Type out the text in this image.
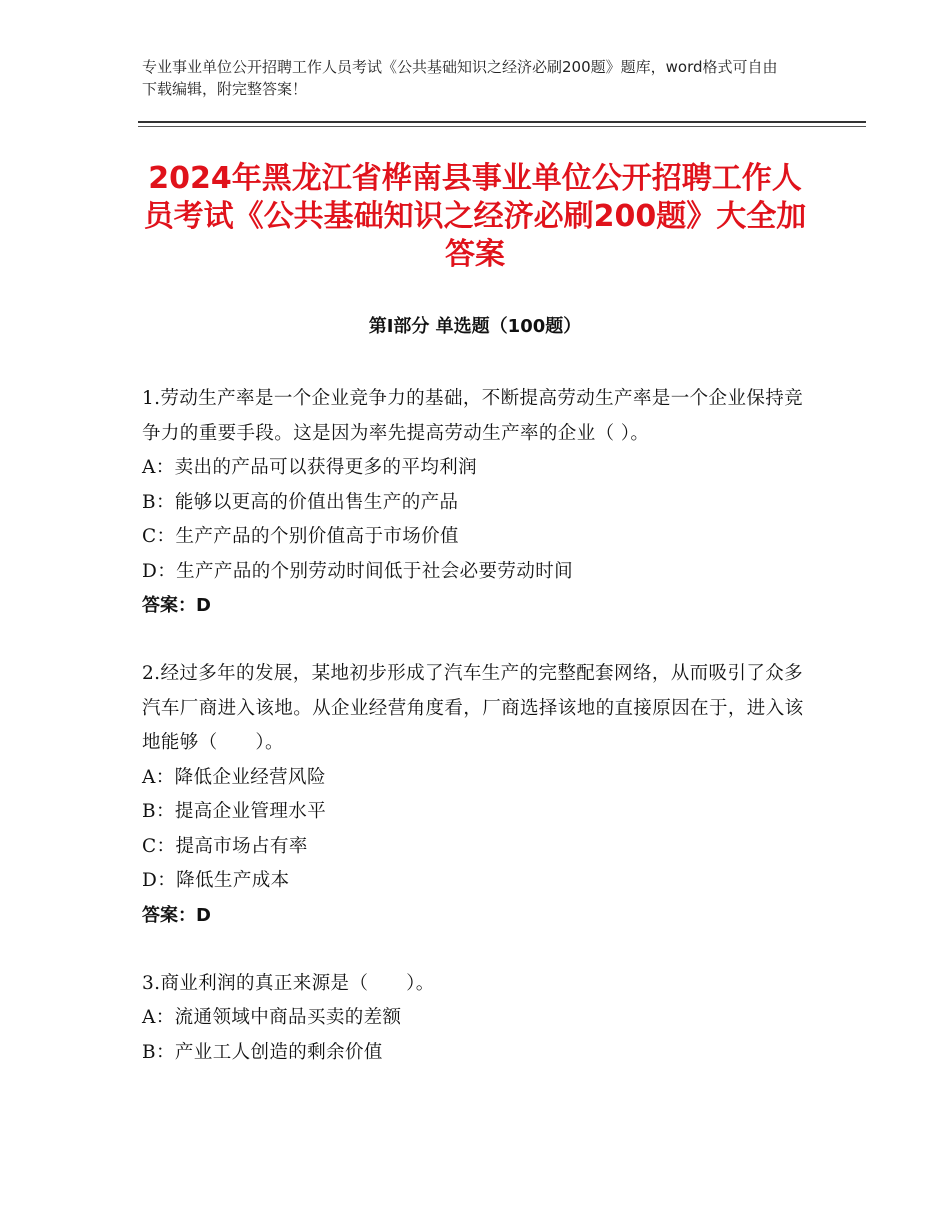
专业事业单位公开招聘工作人员考试《公共基础知识之经济必刷200题》题库，word格式可自由下载编辑，附完整答案！
2024年黑龙江省桦南县事业单位公开招聘工作人员考试《公共基础知识之经济必刷200题》大全加答案
第Ⅰ部分 单选题（100题）

1.劳动生产率是一个企业竞争力的基础，不断提高劳动生产率是一个企业保持竞争力的重要手段。这是因为率先提高劳动生产率的企业（ ）。

A：卖出的产品可以获得更多的平均利润

B：能够以更高的价值出售生产的产品

C：生产产品的个别价值高于市场价值

D：生产产品的个别劳动时间低于社会必要劳动时间

答案：D

2.经过多年的发展，某地初步形成了汽车生产的完整配套网络，从而吸引了众多汽车厂商进入该地。从企业经营角度看，厂商选择该地的直接原因在于，进入该地能够（　　）。

A：降低企业经营风险

B：提高企业管理水平

C：提高市场占有率

D：降低生产成本

答案：D

3.商业利润的真正来源是（　　）。

A：流通领域中商品买卖的差额

B：产业工人创造的剩余价值
